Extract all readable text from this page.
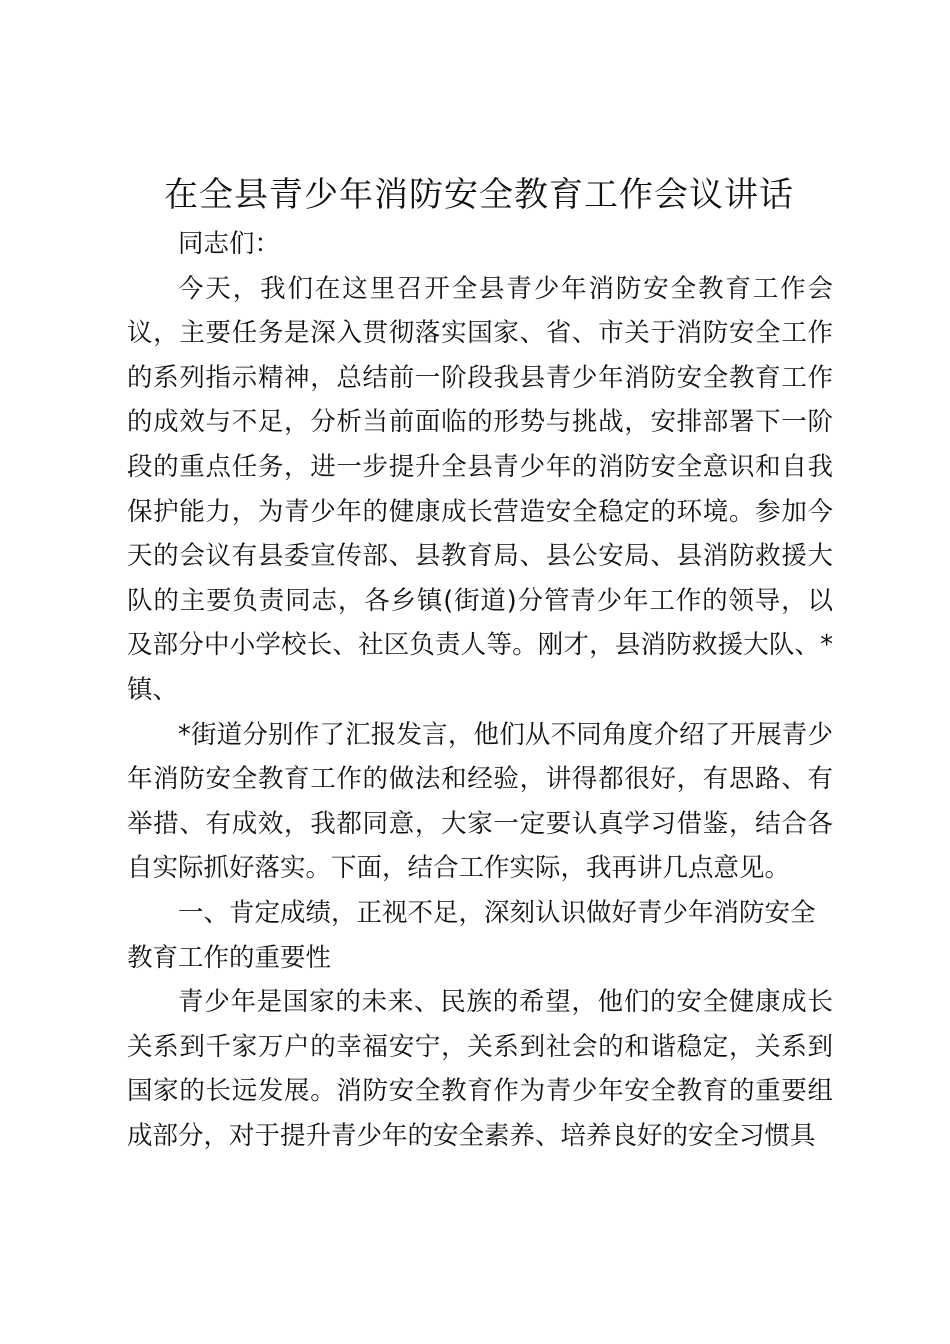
在全县青少年消防安全教育工作会议讲话

同志们：

今天，我们在这里召开全县青少年消防安全教育工作会议，主要任务是深入贯彻落实国家、省、市关于消防安全工作的系列指示精神，总结前一阶段我县青少年消防安全教育工作的成效与不足，分析当前面临的形势与挑战，安排部署下一阶段的重点任务，进一步提升全县青少年的消防安全意识和自我保护能力，为青少年的健康成长营造安全稳定的环境。参加今天的会议有县委宣传部、县教育局、县公安局、县消防救援大队的主要负责同志，各乡镇(街道)分管青少年工作的领导，以及部分中小学校长、社区负责人等。刚才，县消防救援大队、*镇、

*街道分别作了汇报发言，他们从不同角度介绍了开展青少年消防安全教育工作的做法和经验，讲得都很好，有思路、有举措、有成效，我都同意，大家一定要认真学习借鉴，结合各自实际抓好落实。下面，结合工作实际，我再讲几点意见。

一、肯定成绩，正视不足，深刻认识做好青少年消防安全教育工作的重要性

青少年是国家的未来、民族的希望，他们的安全健康成长关系到千家万户的幸福安宁，关系到社会的和谐稳定，关系到国家的长远发展。消防安全教育作为青少年安全教育的重要组成部分，对于提升青少年的安全素养、培养良好的安全习惯具
